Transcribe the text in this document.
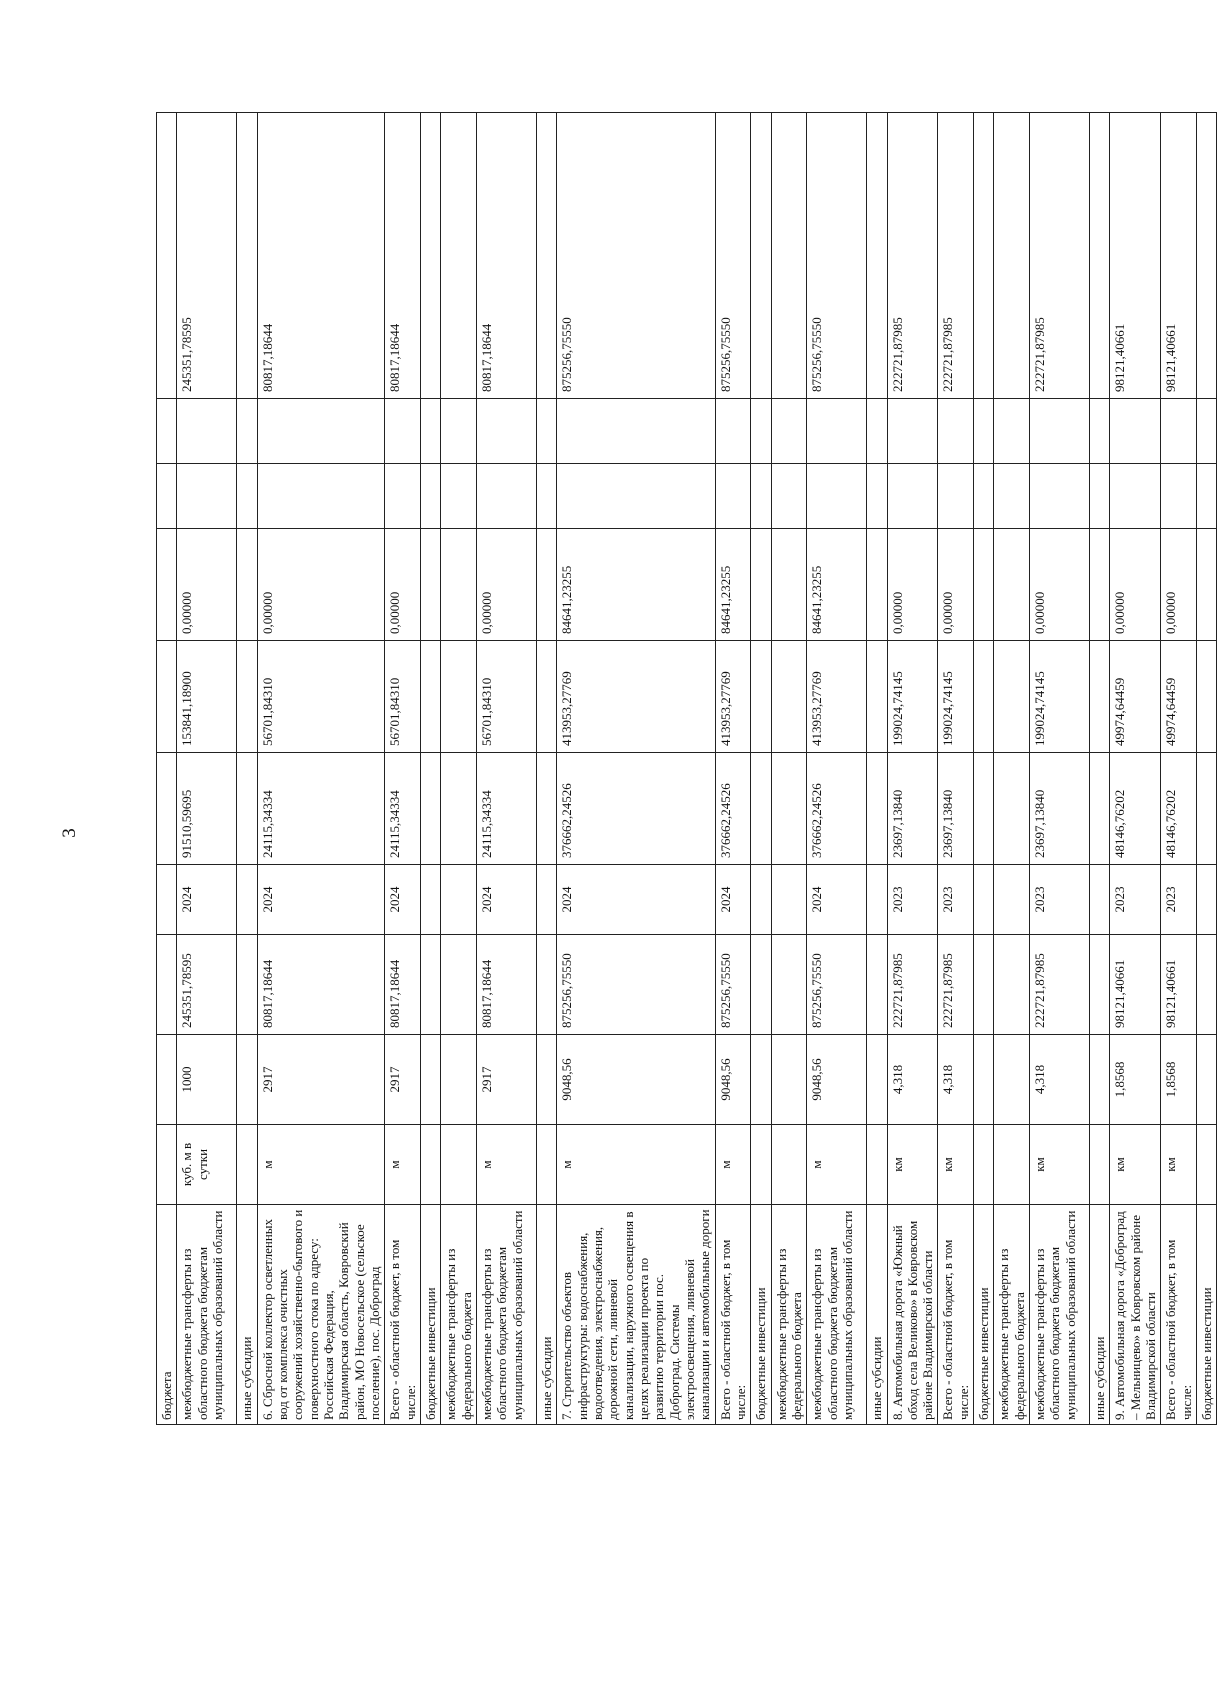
3
бюджета										
межбюджетные трансферты из областного бюджета бюджетам муниципальных образований области	куб. м в сутки	1000	245351,78595	2024	91510,59695	153841,18900	0,00000			245351,78595
иные субсидии										
6. Сбросной коллектор осветленных вод от комплекса очистных сооружений хозяйственно-бытового и поверхностного стока по адресу: Российская Федерация, Владимирская область, Ковровский район, МО Новосельское (сельское поселение), пос. Доброград	м	2917	80817,18644	2024	24115,34334	56701,84310	0,00000			80817,18644
Всего - областной бюджет, в том числе:	м	2917	80817,18644	2024	24115,34334	56701,84310	0,00000			80817,18644
бюджетные инвестиции										
межбюджетные трансферты из федерального бюджета										
межбюджетные трансферты из областного бюджета бюджетам муниципальных образований области	м	2917	80817,18644	2024	24115,34334	56701,84310	0,00000			80817,18644
иные субсидии										
7. Строительство объектов инфраструктуры: водоснабжения, водоотведения, электроснабжения, дорожной сети, ливневой канализации, наружного освещения в целях реализации проекта по развитию территории пос. Доброград. Системы электроосвещения, ливневой канализации и автомобильные дороги	м	9048,56	875256,75550	2024	376662,24526	413953,27769	84641,23255			875256,75550
Всего - областной бюджет, в том числе:	м	9048,56	875256,75550	2024	376662,24526	413953,27769	84641,23255			875256,75550
бюджетные инвестиции										
межбюджетные трансферты из федерального бюджета										
межбюджетные трансферты из областного бюджета бюджетам муниципальных образований области	м	9048,56	875256,75550	2024	376662,24526	413953,27769	84641,23255			875256,75550
иные субсидии										
8. Автомобильная дорога «Южный обход села Великово» в Ковровском районе Владимирской области	км	4,318	222721,87985	2023	23697,13840	199024,74145	0,00000			222721,87985
Всего - областной бюджет, в том числе:	км	4,318	222721,87985	2023	23697,13840	199024,74145	0,00000			222721,87985
бюджетные инвестиции										
межбюджетные трансферты из федерального бюджета										
межбюджетные трансферты из областного бюджета бюджетам муниципальных образований области	км	4,318	222721,87985	2023	23697,13840	199024,74145	0,00000			222721,87985
иные субсидии										
9. Автомобильная дорога «Доброград – Мельницево» в Ковровском районе Владимирской области	км	1,8568	98121,40661	2023	48146,76202	49974,64459	0,00000			98121,40661
Всего - областной бюджет, в том числе:	км	1,8568	98121,40661	2023	48146,76202	49974,64459	0,00000			98121,40661
бюджетные инвестиции										
